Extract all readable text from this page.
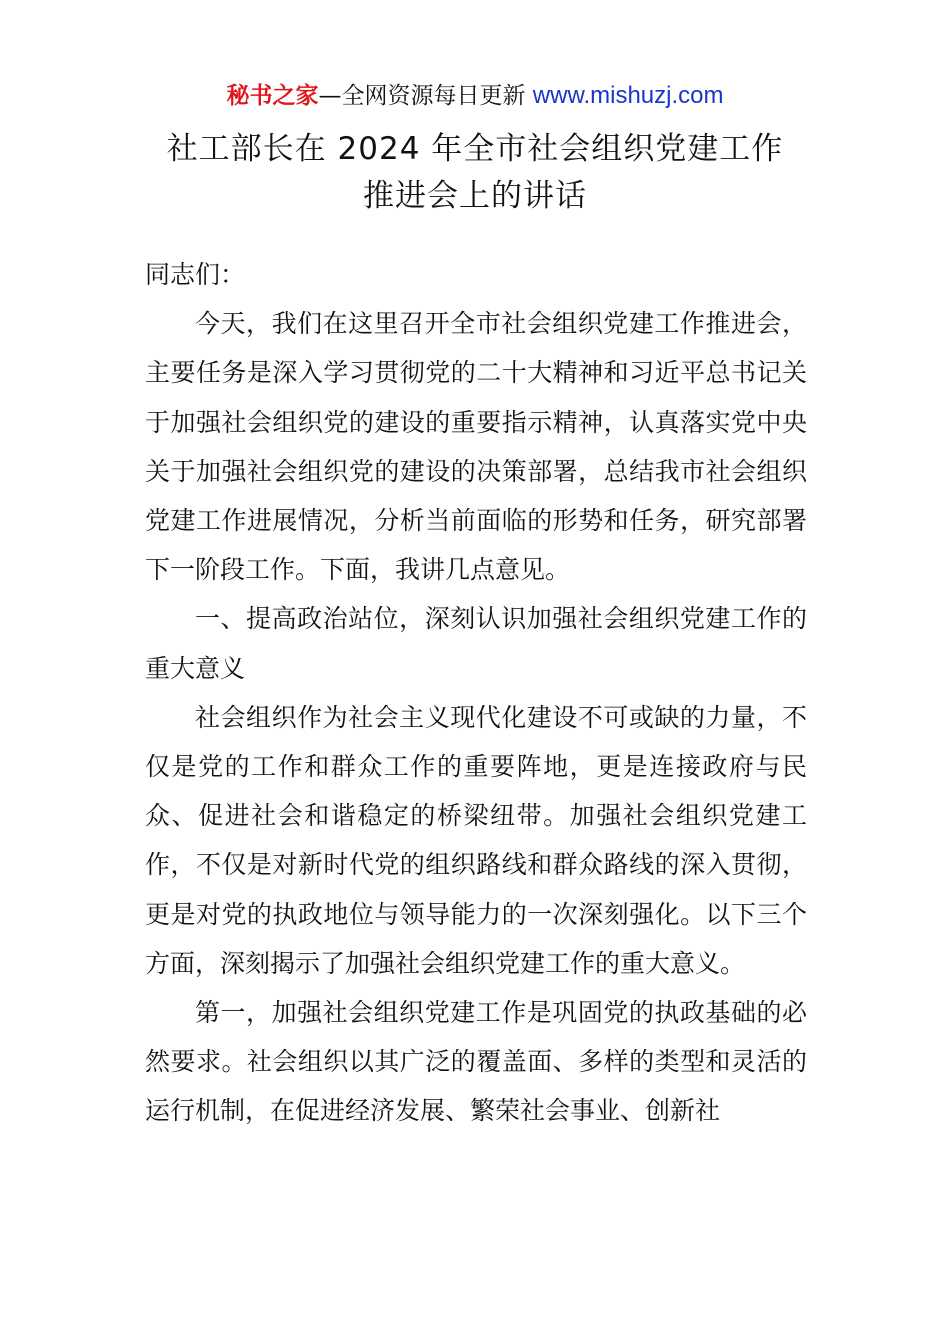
秘书之家—全网资源每日更新 www.mishuzj.com
社工部长在 2024 年全市社会组织党建工作
推进会上的讲话

同志们：

今天，我们在这里召开全市社会组织党建工作推进会，主要任务是深入学习贯彻党的二十大精神和习近平总书记关于加强社会组织党的建设的重要指示精神，认真落实党中央关于加强社会组织党的建设的决策部署，总结我市社会组织党建工作进展情况，分析当前面临的形势和任务，研究部署下一阶段工作。下面，我讲几点意见。

一、提高政治站位，深刻认识加强社会组织党建工作的重大意义

社会组织作为社会主义现代化建设不可或缺的力量，不仅是党的工作和群众工作的重要阵地，更是连接政府与民众、促进社会和谐稳定的桥梁纽带。加强社会组织党建工作，不仅是对新时代党的组织路线和群众路线的深入贯彻，更是对党的执政地位与领导能力的一次深刻强化。以下三个方面，深刻揭示了加强社会组织党建工作的重大意义。

第一，加强社会组织党建工作是巩固党的执政基础的必然要求。社会组织以其广泛的覆盖面、多样的类型和灵活的运行机制，在促进经济发展、繁荣社会事业、创新社
